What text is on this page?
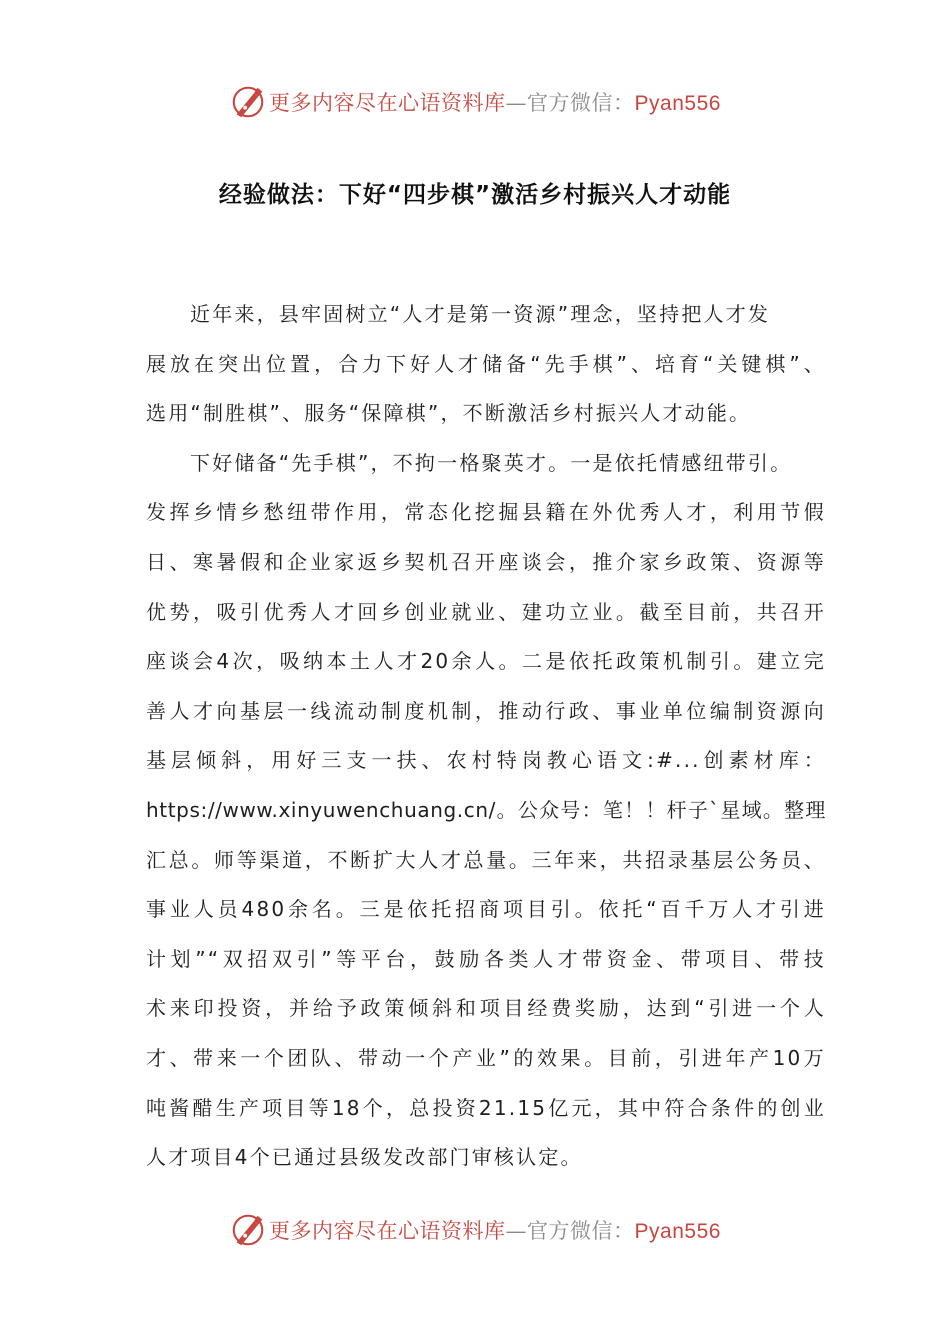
更多内容尽在心语资料库—官方微信：Pyan556
经验做法：下好“四步棋”激活乡村振兴人才动能
近年来，县牢固树立“人才是第一资源”理念，坚持把人才发
展放在突出位置，合力下好人才储备“先手棋”、培育“关键棋”、
选用“制胜棋”、服务“保障棋”，不断激活乡村振兴人才动能。
下好储备“先手棋”，不拘一格聚英才。一是依托情感纽带引。
发挥乡情乡愁纽带作用，常态化挖掘县籍在外优秀人才，利用节假
日、寒暑假和企业家返乡契机召开座谈会，推介家乡政策、资源等
优势，吸引优秀人才回乡创业就业、建功立业。截至目前，共召开
座谈会4次，吸纳本土人才20余人。二是依托政策机制引。建立完
善人才向基层一线流动制度机制，推动行政、事业单位编制资源向
基层倾斜，用好三支一扶、农村特岗教心语文:#...创素材库：
https://www.xinyuwenchuang.cn/。公众号：笔！！杆子`星域。整理
汇总。师等渠道，不断扩大人才总量。三年来，共招录基层公务员、
事业人员480余名。三是依托招商项目引。依托“百千万人才引进
计划”“双招双引”等平台，鼓励各类人才带资金、带项目、带技
术来印投资，并给予政策倾斜和项目经费奖励，达到“引进一个人
才、带来一个团队、带动一个产业”的效果。目前，引进年产10万
吨酱醋生产项目等18个，总投资21.15亿元，其中符合条件的创业
人才项目4个已通过县级发改部门审核认定。
更多内容尽在心语资料库—官方微信：Pyan556
